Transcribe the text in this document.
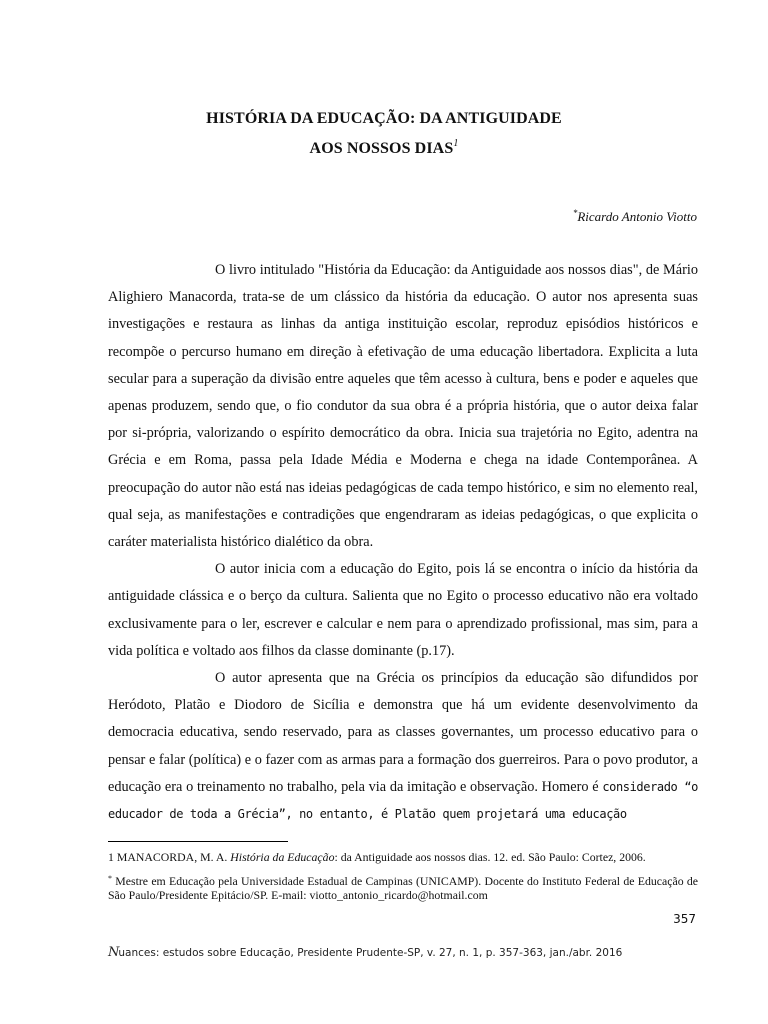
HISTÓRIA DA EDUCAÇÃO: DA ANTIGUIDADE
AOS NOSSOS DIAS$^1$
*Ricardo Antonio Viotto

O livro intitulado "História da Educação: da Antiguidade aos nossos dias", de Mário Alighiero Manacorda, trata-se de um clássico da história da educação. O autor nos apresenta suas investigações e restaura as linhas da antiga instituição escolar, reproduz episódios históricos e recompõe o percurso humano em direção à efetivação de uma educação libertadora. Explicita a luta secular para a superação da divisão entre aqueles que têm acesso à cultura, bens e poder e aqueles que apenas produzem, sendo que, o fio condutor da sua obra é a própria história, que o autor deixa falar por si-própria, valorizando o espírito democrático da obra. Inicia sua trajetória no Egito, adentra na Grécia e em Roma, passa pela Idade Média e Moderna e chega na idade Contemporânea. A preocupação do autor não está nas ideias pedagógicas de cada tempo histórico, e sim no elemento real, qual seja, as manifestações e contradições que engendraram as ideias pedagógicas, o que explicita o caráter materialista histórico dialético da obra.

O autor inicia com a educação do Egito, pois lá se encontra o início da história da antiguidade clássica e o berço da cultura. Salienta que no Egito o processo educativo não era voltado exclusivamente para o ler, escrever e calcular e nem para o aprendizado profissional, mas sim, para a vida política e voltado aos filhos da classe dominante (p.17).

O autor apresenta que na Grécia os princípios da educação são difundidos por Heródoto, Platão e Diodoro de Sicília e demonstra que há um evidente desenvolvimento da democracia educativa, sendo reservado, para as classes governantes, um processo educativo para o pensar e falar (política) e o fazer com as armas para a formação dos guerreiros. Para o povo produtor, a educação era o treinamento no trabalho, pela via da imitação e observação. Homero é considerado “o educador de toda a Grécia”, no entanto, é Platão quem projetará uma educação

1 MANACORDA, M. A. História da Educação: da Antiguidade aos nossos dias. 12. ed. São Paulo: Cortez, 2006.
* Mestre em Educação pela Universidade Estadual de Campinas (UNICAMP). Docente do Instituto Federal de Educação de São Paulo/Presidente Epitácio/SP. E-mail: viotto_antonio_ricardo@hotmail.com
357
Nuances: estudos sobre Educação, Presidente Prudente-SP, v. 27, n. 1, p. 357-363, jan./abr. 2016
